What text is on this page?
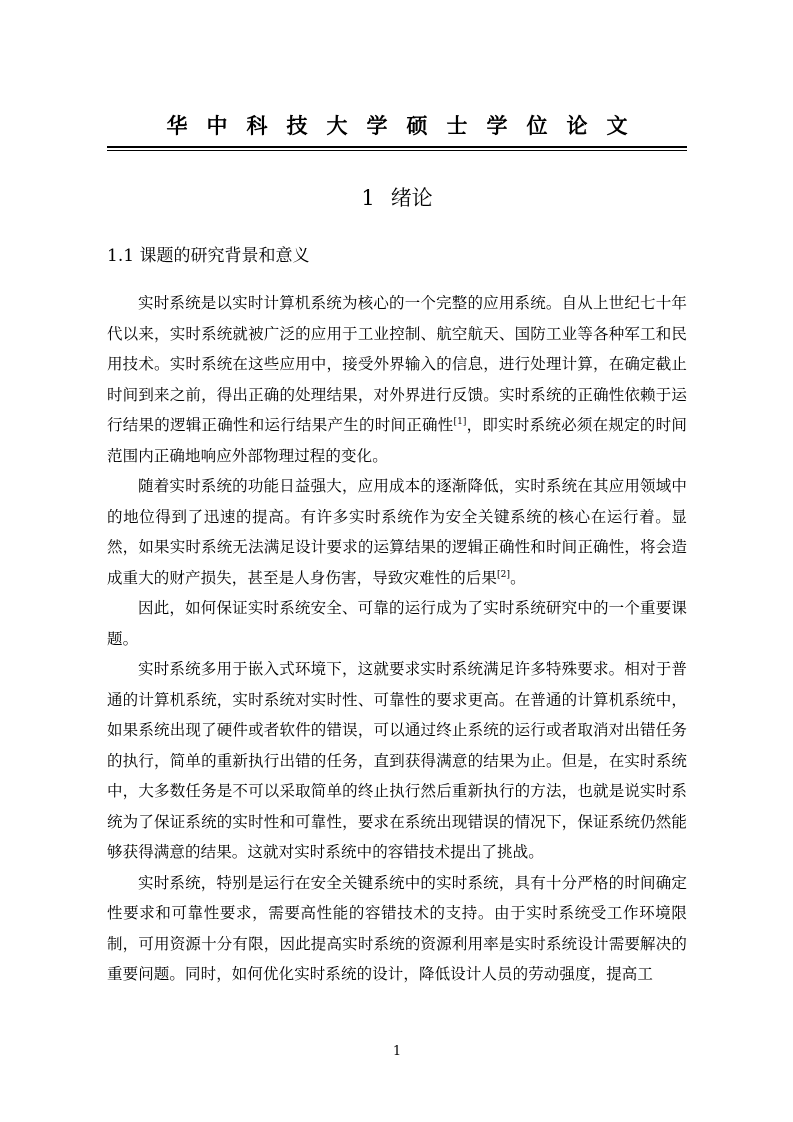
华中科技大学硕士学位论文
1 绪论
1.1 课题的研究背景和意义

实时系统是以实时计算机系统为核心的一个完整的应用系统。自从上世纪七十年代以来，实时系统就被广泛的应用于工业控制、航空航天、国防工业等各种军工和民用技术。实时系统在这些应用中，接受外界输入的信息，进行处理计算，在确定截止时间到来之前，得出正确的处理结果，对外界进行反馈。实时系统的正确性依赖于运行结果的逻辑正确性和运行结果产生的时间正确性[1]，即实时系统必须在规定的时间范围内正确地响应外部物理过程的变化。

随着实时系统的功能日益强大，应用成本的逐渐降低，实时系统在其应用领域中的地位得到了迅速的提高。有许多实时系统作为安全关键系统的核心在运行着。显然，如果实时系统无法满足设计要求的运算结果的逻辑正确性和时间正确性，将会造成重大的财产损失，甚至是人身伤害，导致灾难性的后果[2]。

因此，如何保证实时系统安全、可靠的运行成为了实时系统研究中的一个重要课题。

实时系统多用于嵌入式环境下，这就要求实时系统满足许多特殊要求。相对于普通的计算机系统，实时系统对实时性、可靠性的要求更高。在普通的计算机系统中，如果系统出现了硬件或者软件的错误，可以通过终止系统的运行或者取消对出错任务的执行，简单的重新执行出错的任务，直到获得满意的结果为止。但是，在实时系统中，大多数任务是不可以采取简单的终止执行然后重新执行的方法，也就是说实时系统为了保证系统的实时性和可靠性，要求在系统出现错误的情况下，保证系统仍然能够获得满意的结果。这就对实时系统中的容错技术提出了挑战。

实时系统，特别是运行在安全关键系统中的实时系统，具有十分严格的时间确定性要求和可靠性要求，需要高性能的容错技术的支持。由于实时系统受工作环境限制，可用资源十分有限，因此提高实时系统的资源利用率是实时系统设计需要解决的重要问题。同时，如何优化实时系统的设计，降低设计人员的劳动强度，提高工

1
